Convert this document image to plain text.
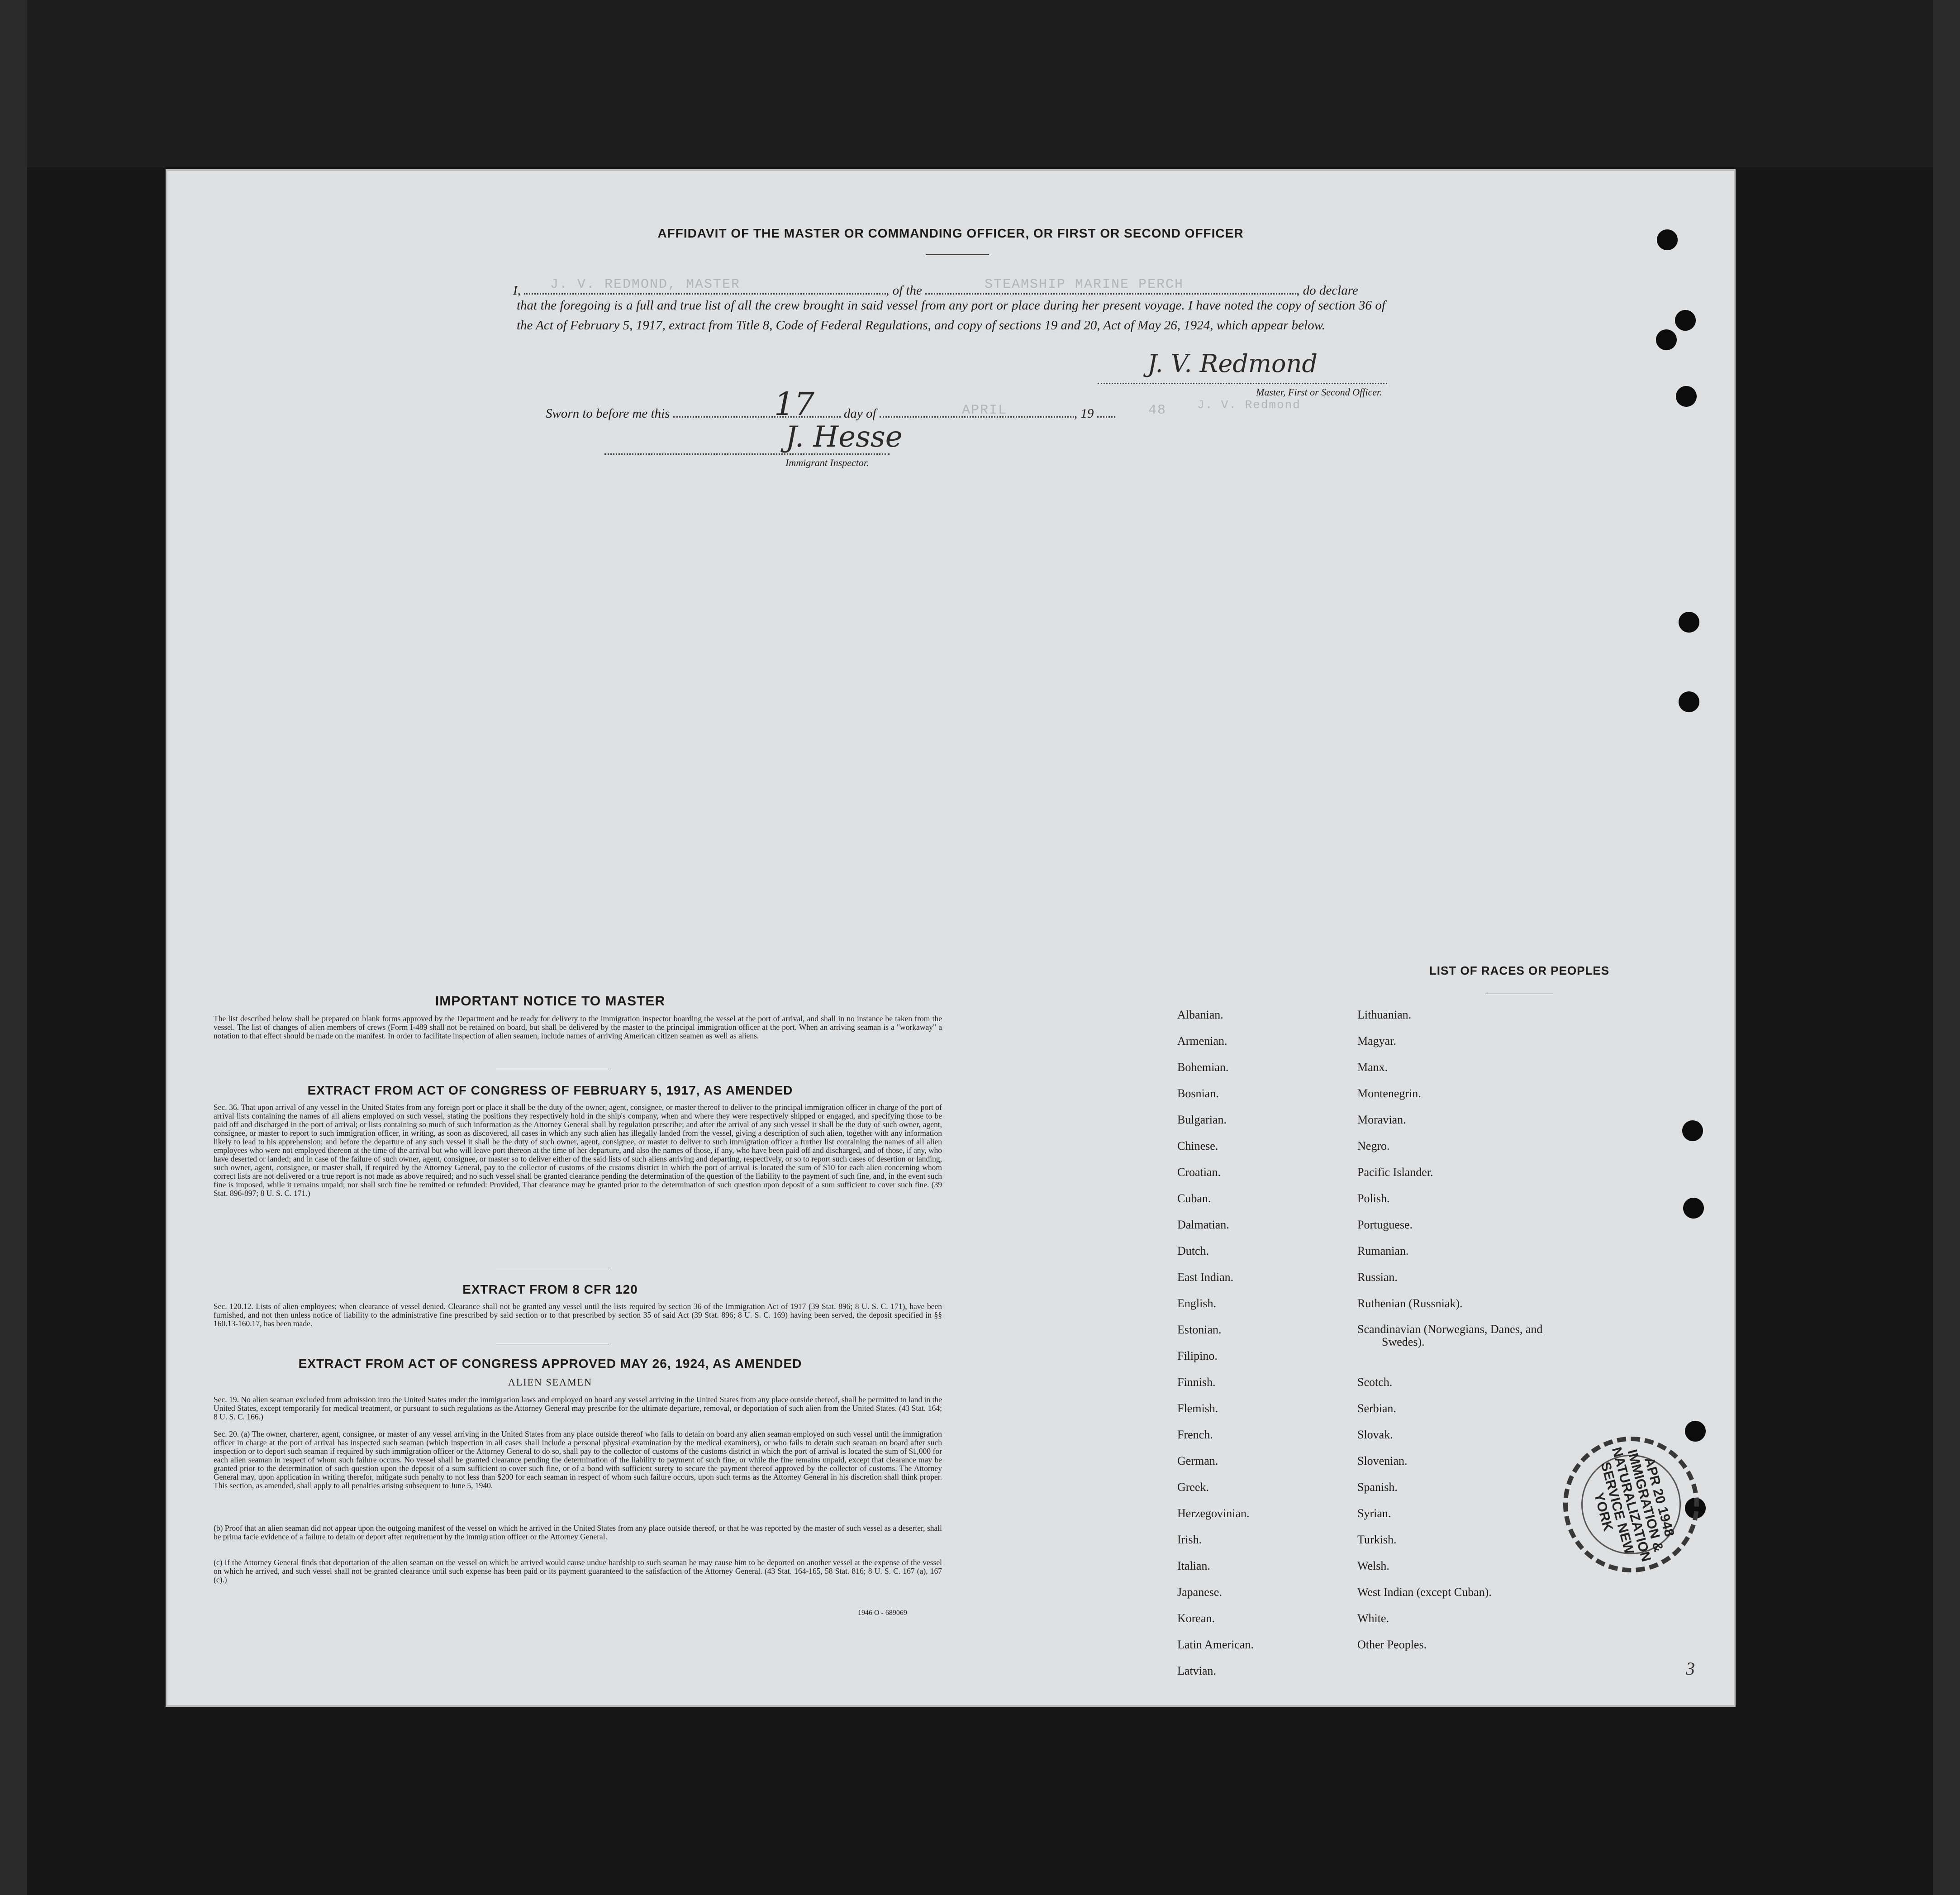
AFFIDAVIT OF THE MASTER OR COMMANDING OFFICER, OR FIRST OR SECOND OFFICER
I,	, of the	, do declare
J. V. REDMOND, MASTER	STEAMSHIP MARINE PERCH
that the foregoing is a full and true list of all the crew brought in said vessel from any port or place during her present voyage. I have noted the copy of section 36 of the Act of February 5, 1917, extract from Title 8, Code of Federal Regulations, and copy of sections 19 and 20, Act of May 26, 1924, which appear below.
J. V. Redmond
Master, First or Second Officer.
J. V. Redmond
Sworn to before me this	day of	, 19
17	APRIL	48
J. Hesse
Immigrant Inspector.
IMPORTANT NOTICE TO MASTER
The list described below shall be prepared on blank forms approved by the Department and be ready for delivery to the immigration inspector boarding the vessel at the port of arrival, and shall in no instance be taken from the vessel. The list of changes of alien members of crews (Form I-489 shall not be retained on board, but shall be delivered by the master to the principal immigration officer at the port. When an arriving seaman is a "workaway" a notation to that effect should be made on the manifest. In order to facilitate inspection of alien seamen, include names of arriving American citizen seamen as well as aliens.
EXTRACT FROM ACT OF CONGRESS OF FEBRUARY 5, 1917, AS AMENDED
Sec. 36. That upon arrival of any vessel in the United States from any foreign port or place it shall be the duty of the owner, agent, consignee, or master thereof to deliver to the principal immigration officer in charge of the port of arrival lists containing the names of all aliens employed on such vessel, stating the positions they respectively hold in the ship's company, when and where they were respectively shipped or engaged, and specifying those to be paid off and discharged in the port of arrival; or lists containing so much of such information as the Attorney General shall by regulation prescribe; and after the arrival of any such vessel it shall be the duty of such owner, agent, consignee, or master to report to such immigration officer, in writing, as soon as discovered, all cases in which any such alien has illegally landed from the vessel, giving a description of such alien, together with any information likely to lead to his apprehension; and before the departure of any such vessel it shall be the duty of such owner, agent, consignee, or master to deliver to such immigration officer a further list containing the names of all alien employees who were not employed thereon at the time of the arrival but who will leave port thereon at the time of her departure, and also the names of those, if any, who have been paid off and discharged, and of those, if any, who have deserted or landed; and in case of the failure of such owner, agent, consignee, or master so to deliver either of the said lists of such aliens arriving and departing, respectively, or so to report such cases of desertion or landing, such owner, agent, consignee, or master shall, if required by the Attorney General, pay to the collector of customs of the customs district in which the port of arrival is located the sum of $10 for each alien concerning whom correct lists are not delivered or a true report is not made as above required; and no such vessel shall be granted clearance pending the determination of the question of the liability to the payment of such fine, and, in the event such fine is imposed, while it remains unpaid; nor shall such fine be remitted or refunded: Provided, That clearance may be granted prior to the determination of such question upon deposit of a sum sufficient to cover such fine. (39 Stat. 896-897; 8 U. S. C. 171.)
EXTRACT FROM 8 CFR 120
Sec. 120.12. Lists of alien employees; when clearance of vessel denied. Clearance shall not be granted any vessel until the lists required by section 36 of the Immigration Act of 1917 (39 Stat. 896; 8 U. S. C. 171), have been furnished, and not then unless notice of liability to the administrative fine prescribed by said section or to that prescribed by section 35 of said Act (39 Stat. 896; 8 U. S. C. 169) having been served, the deposit specified in §§ 160.13-160.17, has been made.
EXTRACT FROM ACT OF CONGRESS APPROVED MAY 26, 1924, AS AMENDED
ALIEN SEAMEN
Sec. 19. No alien seaman excluded from admission into the United States under the immigration laws and employed on board any vessel arriving in the United States from any place outside thereof, shall be permitted to land in the United States, except temporarily for medical treatment, or pursuant to such regulations as the Attorney General may prescribe for the ultimate departure, removal, or deportation of such alien from the United States. (43 Stat. 164; 8 U. S. C. 166.)
Sec. 20. (a) The owner, charterer, agent, consignee, or master of any vessel arriving in the United States from any place outside thereof who fails to detain on board any alien seaman employed on such vessel until the immigration officer in charge at the port of arrival has inspected such seaman (which inspection in all cases shall include a personal physical examination by the medical examiners), or who fails to detain such seaman on board after such inspection or to deport such seaman if required by such immigration officer or the Attorney General to do so, shall pay to the collector of customs of the customs district in which the port of arrival is located the sum of $1,000 for each alien seaman in respect of whom such failure occurs. No vessel shall be granted clearance pending the determination of the liability to payment of such fine, or while the fine remains unpaid, except that clearance may be granted prior to the determination of such question upon the deposit of a sum sufficient to cover such fine, or of a bond with sufficient surety to secure the payment thereof approved by the collector of customs. The Attorney General may, upon application in writing therefor, mitigate such penalty to not less than $200 for each seaman in respect of whom such failure occurs, upon such terms as the Attorney General in his discretion shall think proper. This section, as amended, shall apply to all penalties arising subsequent to June 5, 1940.
(b) Proof that an alien seaman did not appear upon the outgoing manifest of the vessel on which he arrived in the United States from any place outside thereof, or that he was reported by the master of such vessel as a deserter, shall be prima facie evidence of a failure to detain or deport after requirement by the immigration officer or the Attorney General.
(c) If the Attorney General finds that deportation of the alien seaman on the vessel on which he arrived would cause undue hardship to such seaman he may cause him to be deported on another vessel at the expense of the vessel on which he arrived, and such vessel shall not be granted clearance until such expense has been paid or its payment guaranteed to the satisfaction of the Attorney General. (43 Stat. 164-165, 58 Stat. 816; 8 U. S. C. 167 (a), 167 (c).)
1946 O - 689069
LIST OF RACES OR PEOPLES
Albanian.
Armenian.
Bohemian.
Bosnian.
Bulgarian.
Chinese.
Croatian.
Cuban.
Dalmatian.
Dutch.
East Indian.
English.
Estonian.
Filipino.
Finnish.
Flemish.
French.
German.
Greek.
Herzegovinian.
Irish.
Italian.
Japanese.
Korean.
Latin American.
Latvian.
Lithuanian.
Magyar.
Manx.
Montenegrin.
Moravian.
Negro.
Pacific Islander.
Polish.
Portuguese.
Rumanian.
Russian.
Ruthenian (Russniak).
Scandinavian (Norwegians, Danes, and Swedes).
Scotch.
Serbian.
Slovak.
Slovenian.
Spanish.
Syrian.
Turkish.
Welsh.
West Indian (except Cuban).
White.
Other Peoples.
3
APR 20 1948 IMMIGRATION & NATURALIZATION SERVICE NEW YORK
